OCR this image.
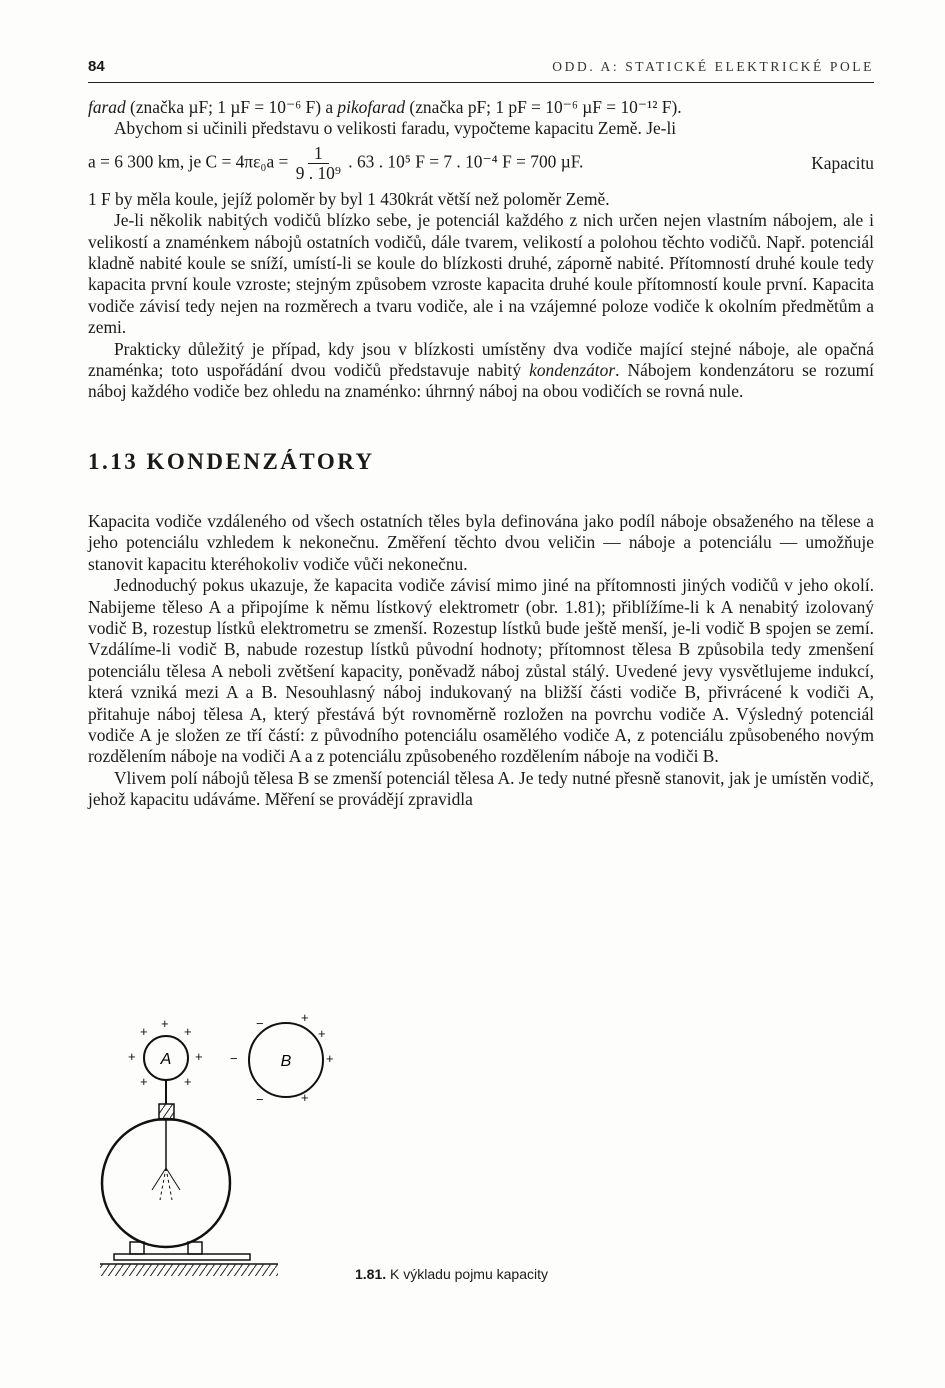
84	ODD. A: STATICKÉ ELEKTRICKÉ POLE

farad (značka µF; 1 µF = 10⁻⁶ F) a pikofarad (značka pF; 1 pF = 10⁻⁶ µF = 10⁻¹² F).

Abychom si učinili představu o velikosti faradu, vypočteme kapacitu Země. Je-li

a = 6 300 km, je $C = 4\pi\varepsilon_0a = \frac{1}{\text{9 . 10⁹}}$ . 63 . 10⁵ F = 7 . 10⁻⁴ F = 700 µF.	Kapacitu

1 F by měla koule, jejíž poloměr by byl 1 430krát větší než poloměr Země.

Je-li několik nabitých vodičů blízko sebe, je potenciál každého z nich určen nejen vlastním nábojem, ale i velikostí a znaménkem nábojů ostatních vodičů, dále tvarem, velikostí a polohou těchto vodičů. Např. potenciál kladně nabité koule se sníží, umístí-li se koule do blízkosti druhé, záporně nabité. Přítomností druhé koule tedy kapacita první koule vzroste; stejným způsobem vzroste kapacita druhé koule přítomností koule první. Kapacita vodiče závisí tedy nejen na rozměrech a tvaru vodiče, ale i na vzájemné poloze vodiče k okolním předmětům a zemi.

Prakticky důležitý je případ, kdy jsou v blízkosti umístěny dva vodiče mající stejné náboje, ale opačná znaménka; toto uspořádání dvou vodičů představuje nabitý kondenzátor. Nábojem kondenzátoru se rozumí náboj každého vodiče bez ohledu na znaménko: úhrnný náboj na obou vodičích se rovná nule.

1.13 KONDENZÁTORY

Kapacita vodiče vzdáleného od všech ostatních těles byla definována jako podíl náboje obsaženého na tělese a jeho potenciálu vzhledem k nekonečnu. Změření těchto dvou veličin — náboje a potenciálu — umožňuje stanovit kapacitu kteréhokoliv vodiče vůči nekonečnu.

Jednoduchý pokus ukazuje, že kapacita vodiče závisí mimo jiné na přítomnosti jiných vodičů v jeho okolí. Nabijeme těleso A a připojíme k němu lístkový elektrometr (obr. 1.81); přiblížíme-li k A nenabitý izolovaný vodič B, rozestup lístků elektrometru se zmenší. Rozestup lístků bude ještě menší, je-li vodič B spojen se zemí. Vzdálíme-li vodič B, nabude rozestup lístků původní hodnoty; přítomnost tělesa B způsobila tedy zmenšení potenciálu tělesa A neboli zvětšení kapacity, poněvadž náboj zůstal stálý. Uvedené jevy vysvětlujeme indukcí, která vzniká mezi A a B. Nesouhlasný náboj indukovaný na bližší části vodiče B, přivrácené k vodiči A, přitahuje náboj tělesa A, který přestává být rovnoměrně rozložen na povrchu vodiče A. Výsledný potenciál vodiče A je složen ze tří částí: z původního potenciálu osamělého vodiče A, z potenciálu způsobeného novým rozdělením náboje na vodiči A a z potenciálu způsobeného rozdělením náboje na vodiči B.

Vlivem polí nábojů tělesa B se zmenší potenciál tělesa A. Je tedy nutné přesně stanovit, jak je umístěn vodič, jehož kapacitu udáváme. Měření se provádějí zpravidla

A
+
+
+
+	+
+	+
B
−	+
+
−	+
−	+
1.81. K výkladu pojmu kapacity
